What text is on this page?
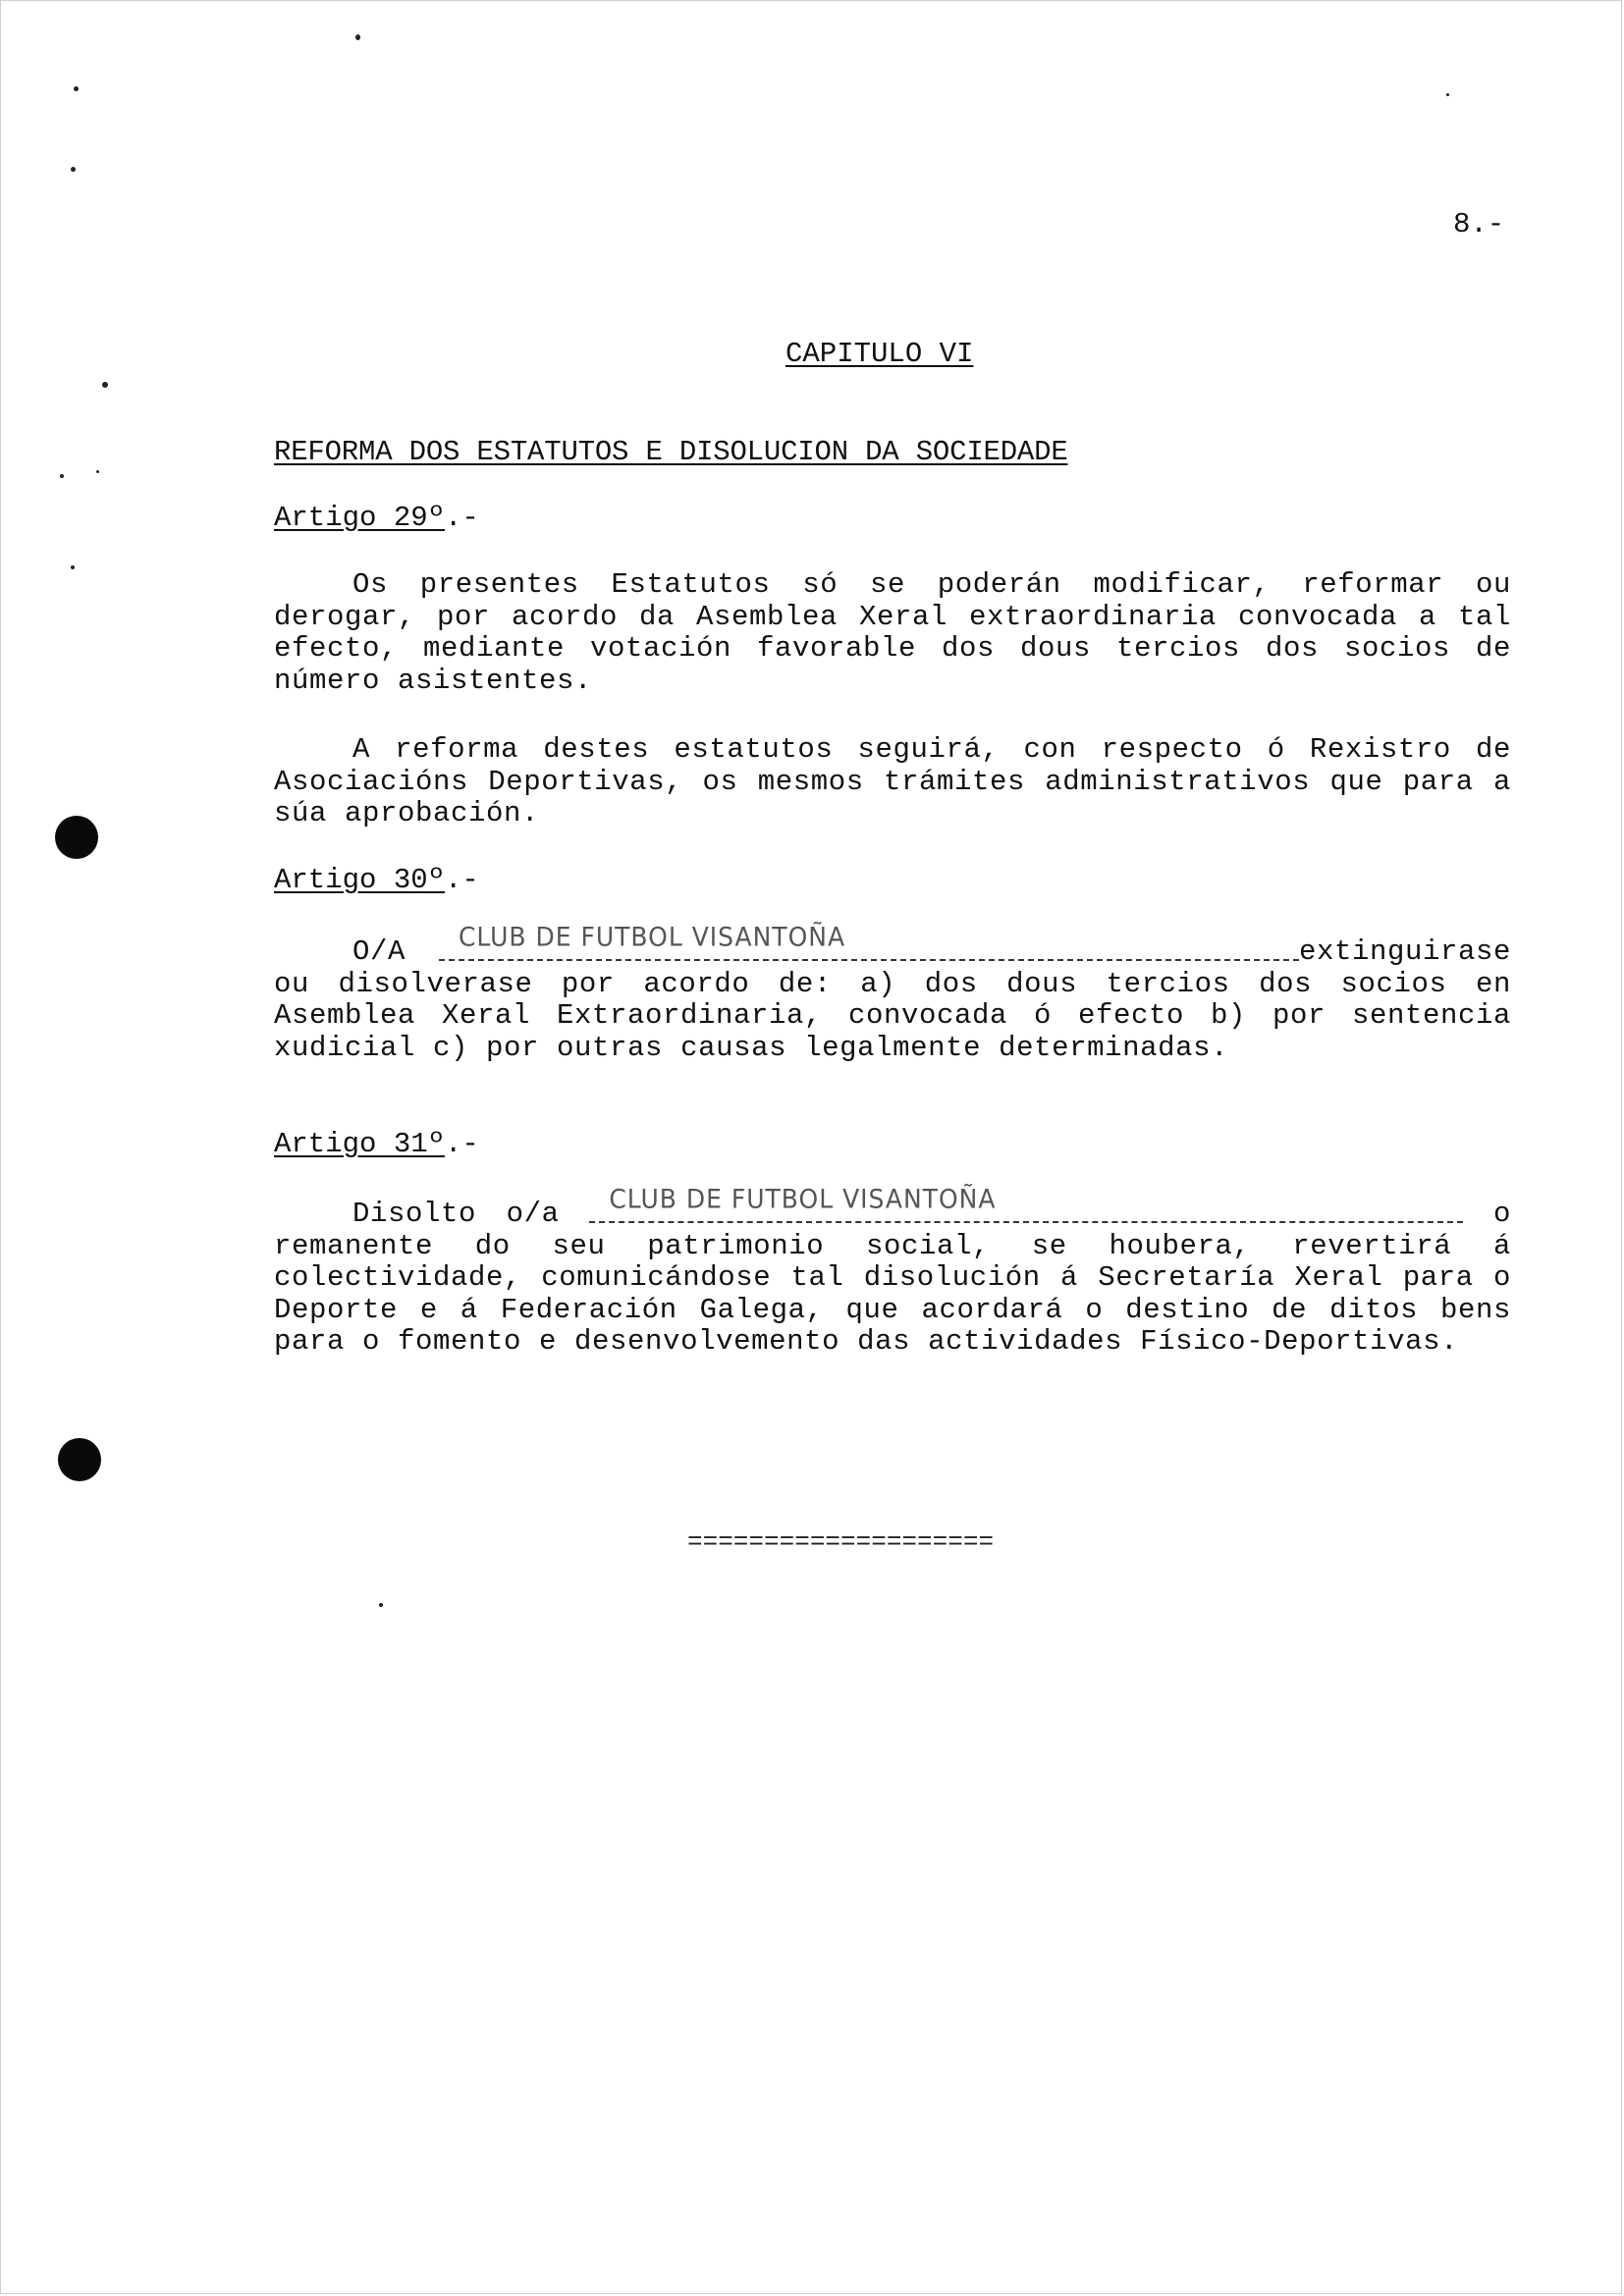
8.-
CAPITULO VI
REFORMA DOS ESTATUTOS E DISOLUCION DA SOCIEDADE
Artigo 29º.-
Os presentes Estatutos só se poderán modificar, reformar ou derogar, por acordo da Asemblea Xeral extraordinaria convocada a tal efecto, mediante votación favorable dos dous tercios dos socios de número asistentes.
A reforma destes estatutos seguirá, con respecto ó Rexistro de Asociacións Deportivas, os mesmos trámites administrativos que para a súa aprobación.
Artigo 30º.-
O/A CLUB DE FUTBOL VISANTOÑA	extinguirase ou disolverase por acordo de: a) dos dous tercios dos socios en Asemblea Xeral Extraordinaria, convocada ó efecto b) por sentencia xudicial c) por outras causas legalmente determinadas.
Artigo 31º.-
Disolto o/a CLUB DE FUTBOL VISANTOÑA	o remanente do seu patrimonio social, se houbera, revertirá á colectividade, comunicándose tal disolución á Secretaría Xeral para o Deporte e á Federación Galega, que acordará o destino de ditos bens para o fomento e desenvolvemento das actividades Físico-Deportivas.
====================
